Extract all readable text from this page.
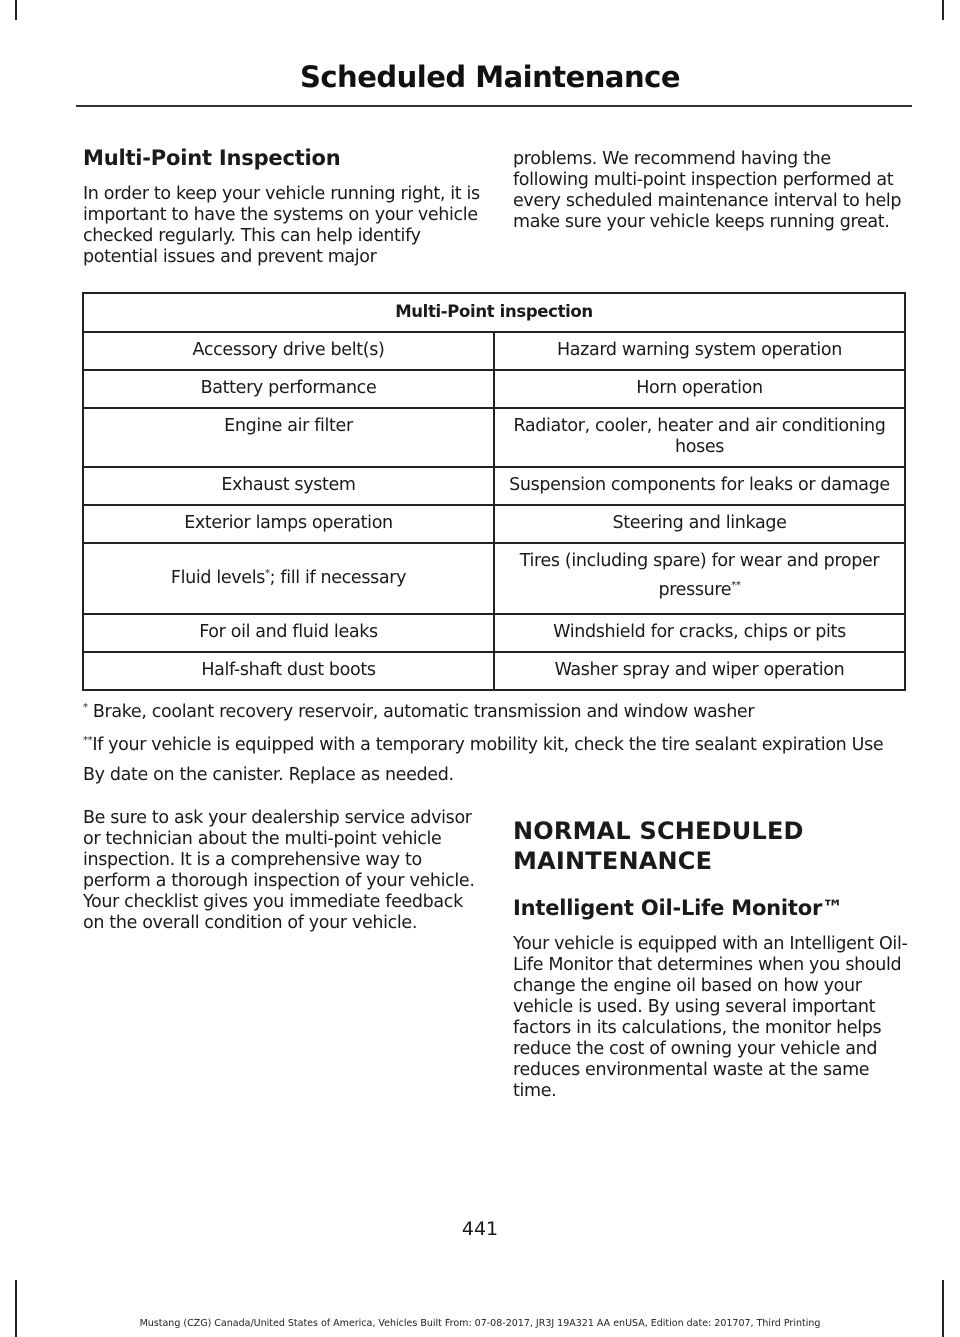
Scheduled Maintenance
Multi-Point Inspection

In order to keep your vehicle running right, it is important to have the systems on your vehicle checked regularly. This can help identify potential issues and prevent major

problems. We recommend having the following multi-point inspection performed at every scheduled maintenance interval to help make sure your vehicle keeps running great.

Multi-Point inspection	
Accessory drive belt(s)	Hazard warning system operation
Battery performance	Horn operation
Engine air filter	Radiator, cooler, heater and air conditioning hoses
Exhaust system	Suspension components for leaks or damage
Exterior lamps operation	Steering and linkage
Fluid levels*; fill if necessary	Tires (including spare) for wear and proper pressure**
For oil and fluid leaks	Windshield for cracks, chips or pits
Half-shaft dust boots	Washer spray and wiper operation
* Brake, coolant recovery reservoir, automatic transmission and window washer
**If your vehicle is equipped with a temporary mobility kit, check the tire sealant expiration Use By date on the canister. Replace as needed.

Be sure to ask your dealership service advisor or technician about the multi-point vehicle inspection. It is a comprehensive way to perform a thorough inspection of your vehicle. Your checklist gives you immediate feedback on the overall condition of your vehicle.

NORMAL SCHEDULED MAINTENANCE
Intelligent Oil-Life Monitor™

Your vehicle is equipped with an Intelligent Oil-Life Monitor that determines when you should change the engine oil based on how your vehicle is used. By using several important factors in its calculations, the monitor helps reduce the cost of owning your vehicle and reduces environmental waste at the same time.

441
Mustang (CZG) Canada/United States of America, Vehicles Built From: 07-08-2017, JR3J 19A321 AA enUSA, Edition date: 201707, Third Printing
